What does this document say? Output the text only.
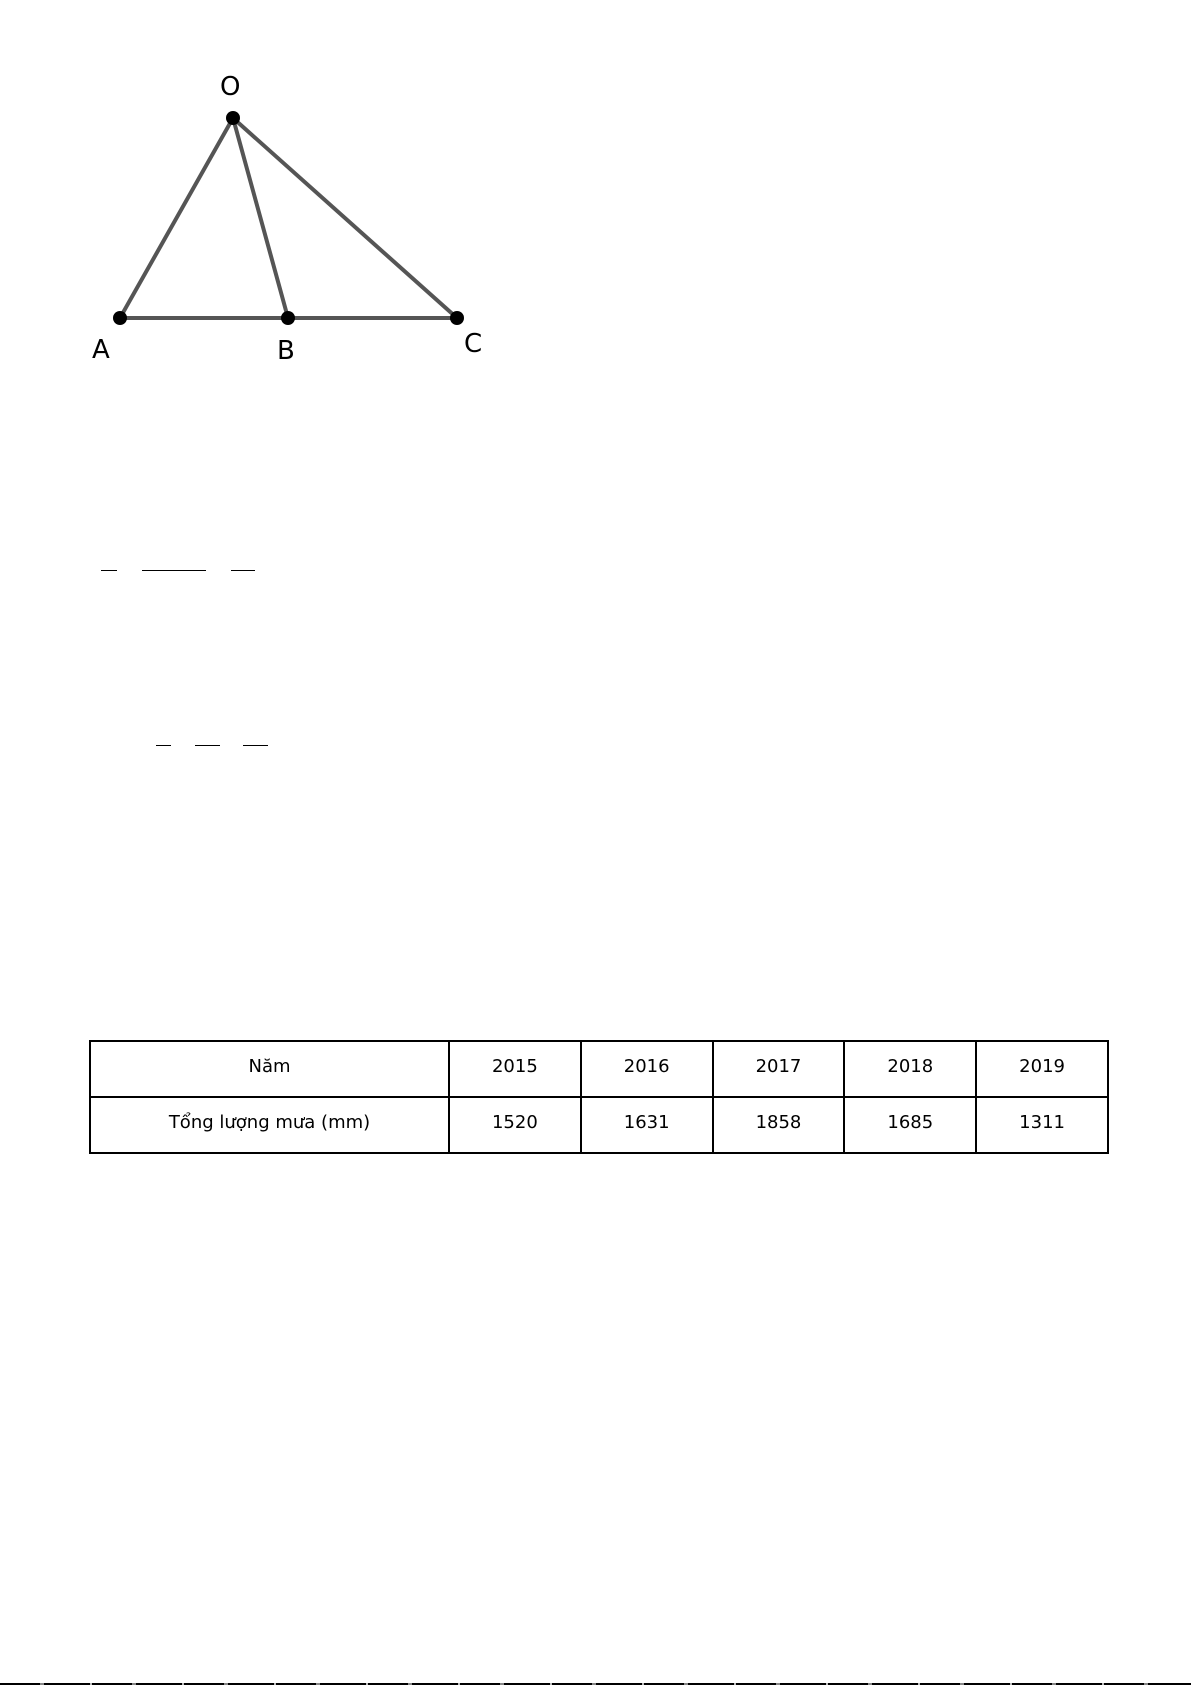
O
A	B	C
Năm	2015	2016	2017	2018	2019
Tổng lượng mưa (mm)	1520	1631	1858	1685	1311
